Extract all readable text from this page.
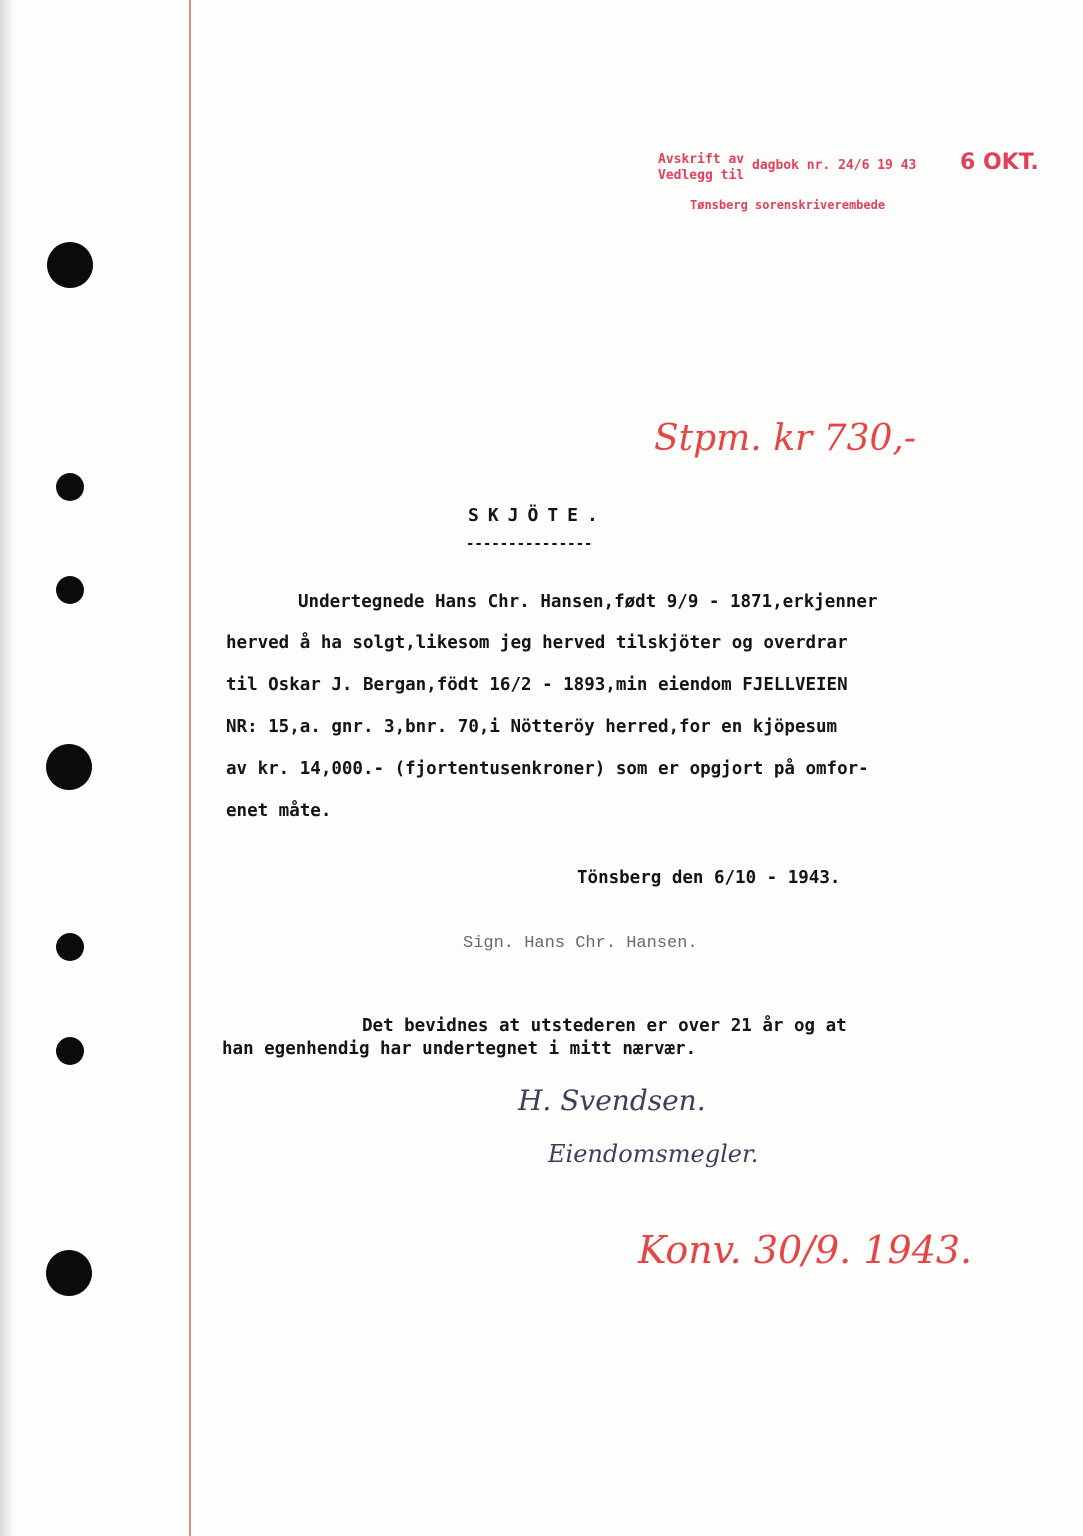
Avskrift av
Vedlegg til
dagbok nr. 24/6 19 43
Tønsberg sorenskriverembede
6 OKT.
Stpm. kr 730,-
SKJÖTE.
---------------
Undertegnede Hans Chr. Hansen,født 9/9 - 1871,erkjenner
herved å ha solgt,likesom jeg herved tilskjöter og overdrar
til Oskar J. Bergan,födt 16/2 - 1893,min eiendom FJELLVEIEN
NR: 15,a. gnr. 3,bnr. 70,i Nötteröy herred,for en kjöpesum
av kr. 14,000.- (fjortentusenkroner) som er opgjort på omfor-
enet måte.
Tönsberg den 6/10 - 1943.
Sign. Hans Chr. Hansen.
Det bevidnes at utstederen er over 21 år og at
han egenhendig har undertegnet i mitt nærvær.
H. Svendsen.
Eiendomsmegler.
Konv. 30/9. 1943.
